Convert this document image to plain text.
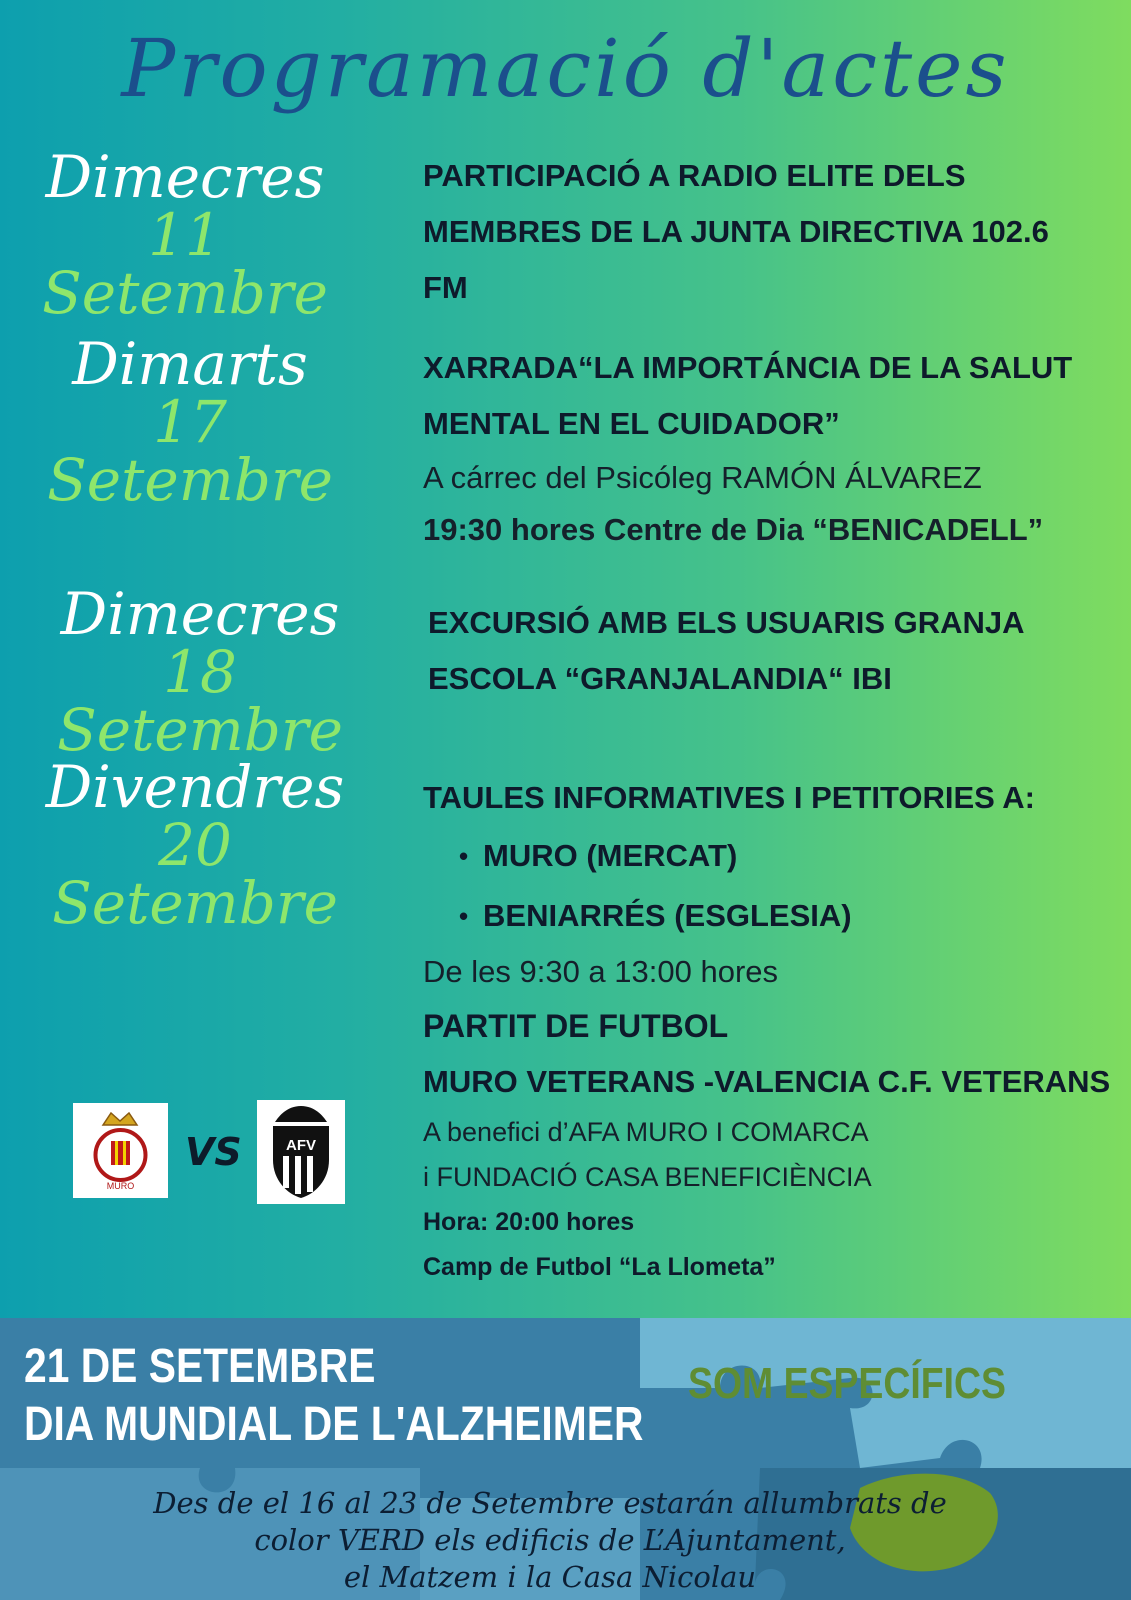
Programació d'actes
Dimecres
11 Setembre
PARTICIPACIÓ A RADIO ELITE DELS
MEMBRES DE LA JUNTA DIRECTIVA 102.6
FM
Dimarts
17 Setembre
XARRADA“LA IMPORTÁNCIA DE LA SALUT
MENTAL EN EL CUIDADOR”
A cárrec del Psicóleg RAMÓN ÁLVAREZ
19:30 hores Centre de Dia “BENICADELL”
Dimecres
18 Setembre
EXCURSIÓ AMB ELS USUARIS GRANJA
ESCOLA “GRANJALANDIA“ IBI
Divendres
20 Setembre
TAULES INFORMATIVES I PETITORIES A:
• MURO (MERCAT)
• BENIARRÉS (ESGLESIA)
De les 9:30 a 13:00 hores
PARTIT DE FUTBOL
MURO VETERANS -VALENCIA C.F. VETERANS
A benefici d’AFA MURO I COMARCA
i FUNDACIÓ CASA BENEFICIÈNCIA
Hora: 20:00 hores
Camp de Futbol “La Llometa”
MURO
VS	AFV
21 DE SETEMBRE
DIA MUNDIAL DE L'ALZHEIMER
SOM ESPECÍFICS
Des de el 16 al 23 de Setembre estarán allumbrats de
color VERD els edificis de L’Ajuntament,
el Matzem i la Casa Nicolau
